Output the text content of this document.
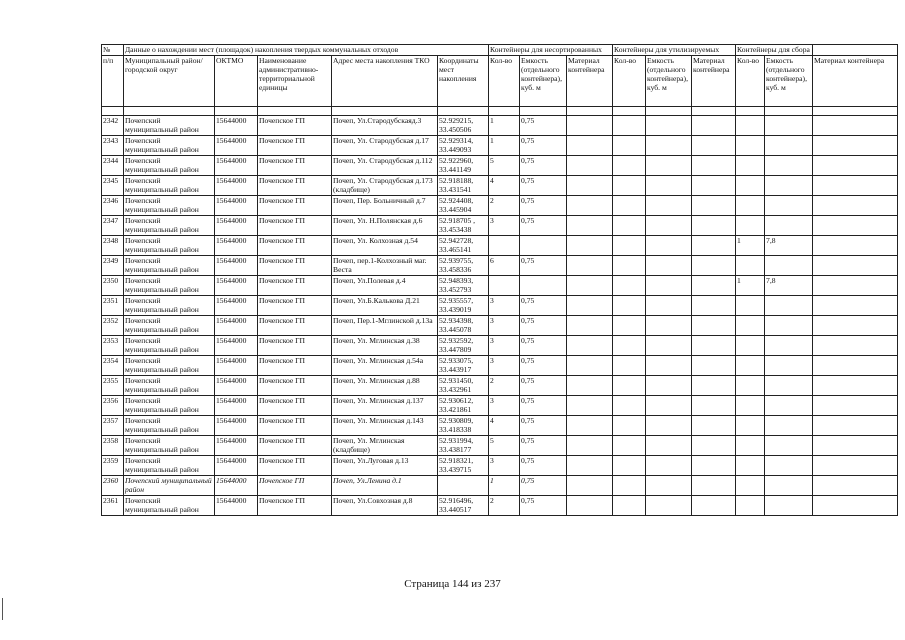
№	Данные о нахождении мест (площадок) накопления твердых коммунальных отходов					Контейнеры для несортированных			Контейнеры для утилизируемых			Контейнеры для сбора		
п/п	Муниципальный район/городской округ	ОКТМО	Наименование административно-территориальной единицы	Адрес места накопления ТКО	Координаты мест накопления	Кол-во	Емкость (отдельного контейнера), куб. м	Материал контейнера	Кол-во	Емкость (отдельного контейнера), куб. м	Материал контейнера	Кол-во	Емкость (отдельного контейнера), куб. м	Материал контейнера

2342	Почепский муниципальный район	15644000	Почепское ГП	Почеп, Ул.Стародубскаяд.3	52.929215, 33.450506	1	0,75							
2343	Почепский муниципальный район	15644000	Почепское ГП	Почеп, Ул. Стародубская д.17	52.929314, 33.449093	1	0,75							
2344	Почепский муниципальный район	15644000	Почепское ГП	Почеп, Ул. Стародубская д.112	52.922960, 33.441149	5	0,75							
2345	Почепский муниципальный район	15644000	Почепское ГП	Почеп, Ул. Стародубская д.173 (кладбище)	52.918188, 33.431541	4	0,75							
2346	Почепский муниципальный район	15644000	Почепское ГП	Почеп, Пер. Больничный д.7	52.924408, 33.445904	2	0,75							
2347	Почепский муниципальный район	15644000	Почепское ГП	Почеп, Ул. Н.Полянская д.6	52.918705 , 33.453438	3	0,75							
2348	Почепский муниципальный район	15644000	Почепское ГП	Почеп, Ул. Колхозная д.54	52.942728, 33.465141							1	7,8	
2349	Почепский муниципальный район	15644000	Почепское ГП	Почеп, пер.1-Колхозный маг. Веста	52.939755, 33.458336	6	0,75							
2350	Почепский муниципальный район	15644000	Почепское ГП	Почеп, Ул.Полевая д.4	52.948393, 33.452793							1	7,8	
2351	Почепский муниципальный район	15644000	Почепское ГП	Почеп, Ул.Б.Калькова Д.21	52.935557, 33.439019	3	0,75							
2352	Почепский муниципальный район	15644000	Почепское ГП	Почеп, Пер.1-Мглинской д.13а	52.934398, 33.445078	3	0,75							
2353	Почепский муниципальный район	15644000	Почепское ГП	Почеп, Ул. Мглинская д.38	52.932592, 33.447809	3	0,75							
2354	Почепский муниципальный район	15644000	Почепское ГП	Почеп, Ул. Мглинская д.54а	52.933075, 33.443917	3	0,75							
2355	Почепский муниципальный район	15644000	Почепское ГП	Почеп, Ул. Мглинская д.88	52.931450, 33.432961	2	0,75							
2356	Почепский муниципальный район	15644000	Почепское ГП	Почеп, Ул. Мглинская д.137	52.930612, 33.421861	3	0,75							
2357	Почепский муниципальный район	15644000	Почепское ГП	Почеп, Ул. Мглинская д.143	52.930809, 33.418338	4	0,75							
2358	Почепский муниципальный район	15644000	Почепское ГП	Почеп, Ул. Мглинская (кладбище)	52.931994, 33.438177	5	0,75							
2359	Почепский муниципальный район	15644000	Почепское ГП	Почеп, Ул.Луговая д.13	52.918321, 33.439715	3	0,75							
2360	Почепский муниципальный район	15644000	Почепское ГП	Почеп, Ул.Ленина д.1		1	0,75							
2361	Почепский муниципальный район	15644000	Почепское ГП	Почеп, Ул.Совхозная д.8	52.916496, 33.440517	2	0,75							
Страница 144 из 237
